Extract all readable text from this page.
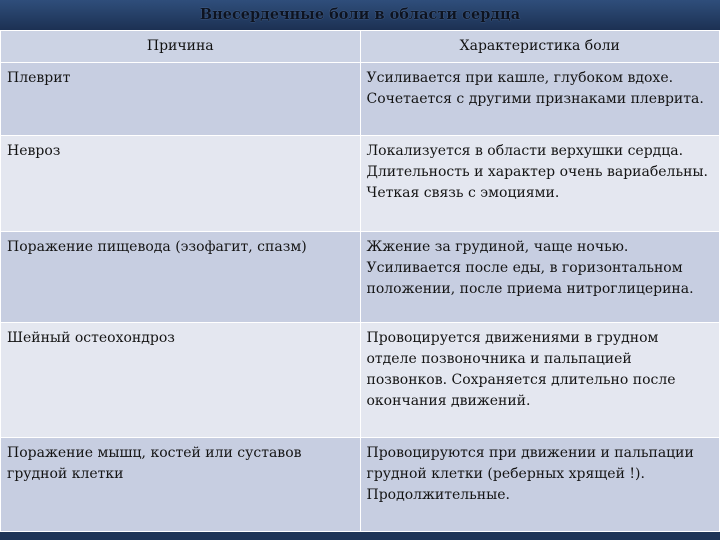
Внесердечные боли в области сердца
Причина	Характеристика боли
Плеврит	Усиливается при кашле, глубоком вдохе. Сочетается с другими признаками плеврита.
Невроз	Локализуется в области верхушки сердца. Длительность и характер очень вариабельны. Четкая связь с эмоциями.
Поражение пищевода (эзофагит, спазм)	Жжение за грудиной, чаще ночью. Усиливается после еды, в горизонтальном положении, после приема нитроглицерина.
Шейный остеохондроз	Провоцируется движениями в грудном отделе позвоночника и пальпацией позвонков. Сохраняется длительно после окончания движений.
Поражение мышц, костей или суставов грудной клетки	Провоцируются при движении и пальпации грудной клетки (реберных хрящей !). Продолжительные.
